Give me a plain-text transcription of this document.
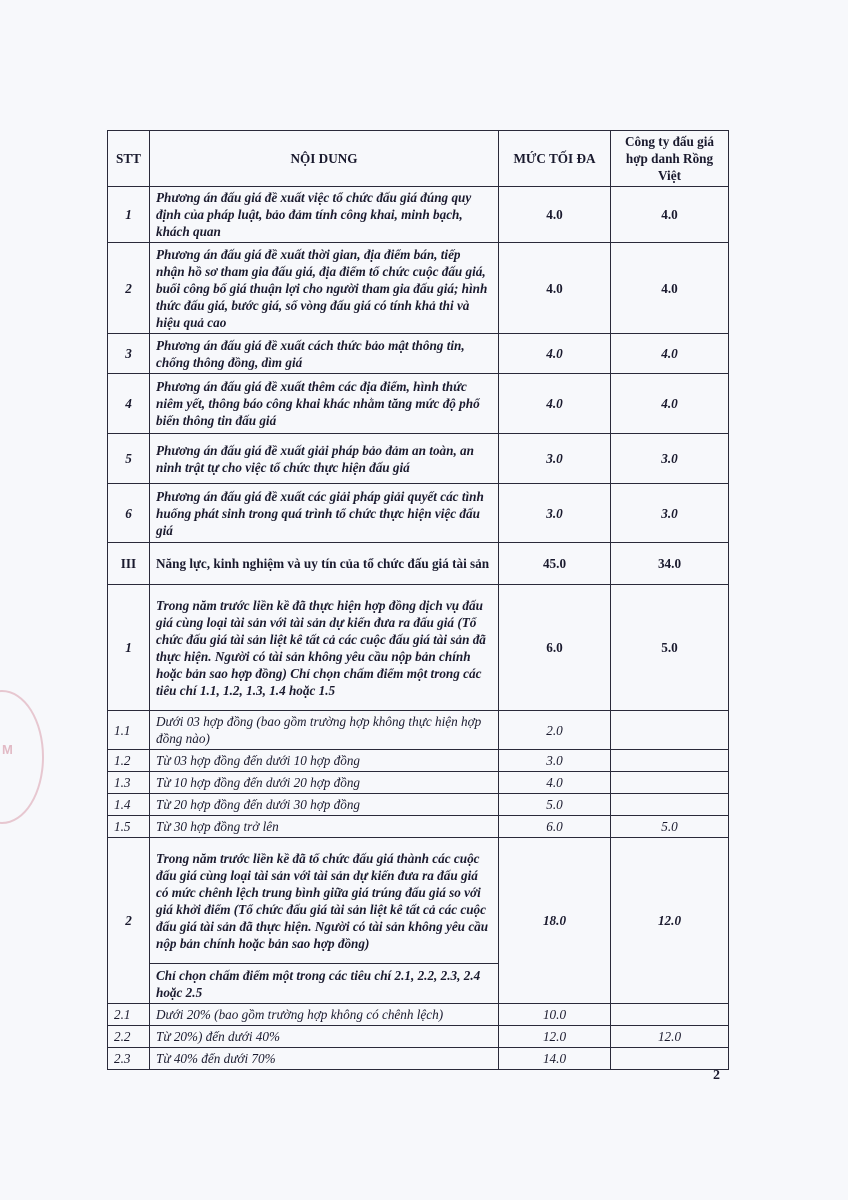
M
STT	NỘI DUNG	MỨC TỐI ĐA	Công ty đấu giá hợp danh Rồng Việt
1	Phương án đấu giá đề xuất việc tổ chức đấu giá đúng quy định của pháp luật, bảo đảm tính công khai, minh bạch, khách quan	4.0	4.0
2	Phương án đấu giá đề xuất thời gian, địa điểm bán, tiếp nhận hồ sơ tham gia đấu giá, địa điểm tổ chức cuộc đấu giá, buổi công bố giá thuận lợi cho người tham gia đấu giá; hình thức đấu giá, bước giá, số vòng đấu giá có tính khả thi và hiệu quả cao	4.0	4.0
3	Phương án đấu giá đề xuất cách thức bảo mật thông tin, chống thông đồng, dìm giá	4.0	4.0
4	Phương án đấu giá đề xuất thêm các địa điểm, hình thức niêm yết, thông báo công khai khác nhằm tăng mức độ phổ biến thông tin đấu giá	4.0	4.0
5	Phương án đấu giá đề xuất giải pháp bảo đảm an toàn, an ninh trật tự cho việc tổ chức thực hiện đấu giá	3.0	3.0
6	Phương án đấu giá đề xuất các giải pháp giải quyết các tình huống phát sinh trong quá trình tổ chức thực hiện việc đấu giá	3.0	3.0
III	Năng lực, kinh nghiệm và uy tín của tổ chức đấu giá tài sản	45.0	34.0
1	Trong năm trước liền kề đã thực hiện hợp đồng dịch vụ đấu giá cùng loại tài sản với tài sản dự kiến đưa ra đấu giá (Tổ chức đấu giá tài sản liệt kê tất cả các cuộc đấu giá tài sản đã thực hiện. Người có tài sản không yêu cầu nộp bản chính hoặc bản sao hợp đồng) Chỉ chọn chấm điểm một trong các tiêu chí 1.1, 1.2, 1.3, 1.4 hoặc 1.5	6.0	5.0
1.1	Dưới 03 hợp đồng (bao gồm trường hợp không thực hiện hợp đồng nào)	2.0	
1.2	Từ 03 hợp đồng đến dưới 10 hợp đồng	3.0	
1.3	Từ 10 hợp đồng đến dưới 20 hợp đồng	4.0	
1.4	Từ 20 hợp đồng đến dưới 30 hợp đồng	5.0	
1.5	Từ 30 hợp đồng trở lên	6.0	5.0
2	Trong năm trước liền kề đã tổ chức đấu giá thành các cuộc đấu giá cùng loại tài sản với tài sản dự kiến đưa ra đấu giá có mức chênh lệch trung bình giữa giá trúng đấu giá so với giá khởi điểm (Tổ chức đấu giá tài sản liệt kê tất cả các cuộc đấu giá tài sản đã thực hiện. Người có tài sản không yêu cầu nộp bản chính hoặc bản sao hợp đồng)	18.0	12.0
	Chỉ chọn chấm điểm một trong các tiêu chí 2.1, 2.2, 2.3, 2.4 hoặc 2.5		
2.1	Dưới 20% (bao gồm trường hợp không có chênh lệch)	10.0	
2.2	Từ 20%) đến dưới 40%	12.0	12.0
2.3	Từ 40% đến dưới 70%	14.0	
2
